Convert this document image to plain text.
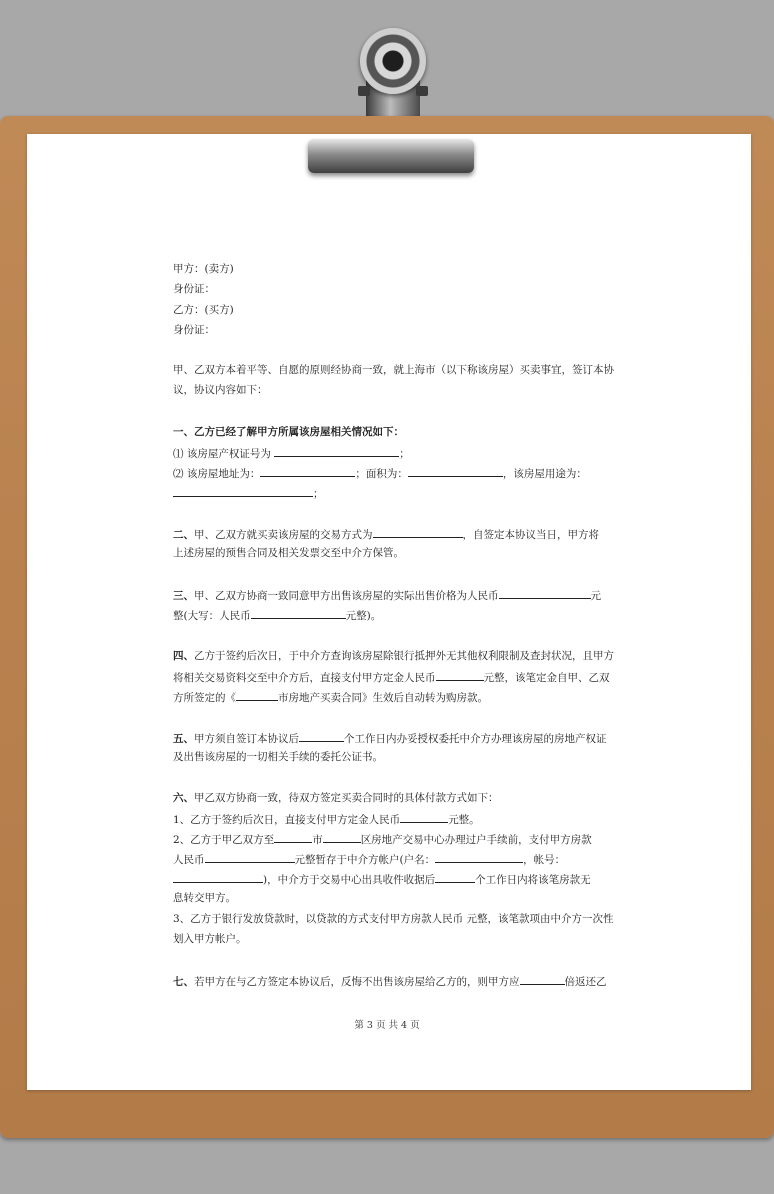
甲方：(卖方)
身份证：
乙方：(买方)
身份证：
甲、乙双方本着平等、自愿的原则经协商一致，就上海市（以下称该房屋）买卖事宜，签订本协
议，协议内容如下：
一、乙方已经了解甲方所属该房屋相关情况如下：
⑴ 该房屋产权证号为	；
⑵ 该房屋地址为：	；面积为：	，该房屋用途为：
；
二、甲、乙双方就买卖该房屋的交易方式为	，自签定本协议当日，甲方将
上述房屋的预售合同及相关发票交至中介方保管。
三、甲、乙双方协商一致同意甲方出售该房屋的实际出售价格为人民币	元
整(大写：人民币	元整)。
四、乙方于签约后次日，于中介方查询该房屋除银行抵押外无其他权利限制及查封状况，且甲方
将相关交易资料交至中介方后，直接支付甲方定金人民币	元整，该笔定金自甲、乙双
方所签定的《	市房地产买卖合同》生效后自动转为购房款。
五、甲方须自签订本协议后	个工作日内办妥授权委托中介方办理该房屋的房地产权证
及出售该房屋的一切相关手续的委托公证书。
六、甲乙双方协商一致，待双方签定买卖合同时的具体付款方式如下：
1、乙方于签约后次日，直接支付甲方定金人民币	元整。
2、乙方于甲乙双方至	市	区房地产交易中心办理过户手续前，支付甲方房款
人民币	元整暂存于中介方帐户(户名：	，帐号：
)，中介方于交易中心出具收件收据后	个工作日内将该笔房款无
息转交甲方。
3、乙方于银行发放贷款时，以贷款的方式支付甲方房款人民币 元整，该笔款项由中介方一次性
划入甲方帐户。
七、若甲方在与乙方签定本协议后，反悔不出售该房屋给乙方的，则甲方应	倍返还乙
第 3 页 共 4 页
